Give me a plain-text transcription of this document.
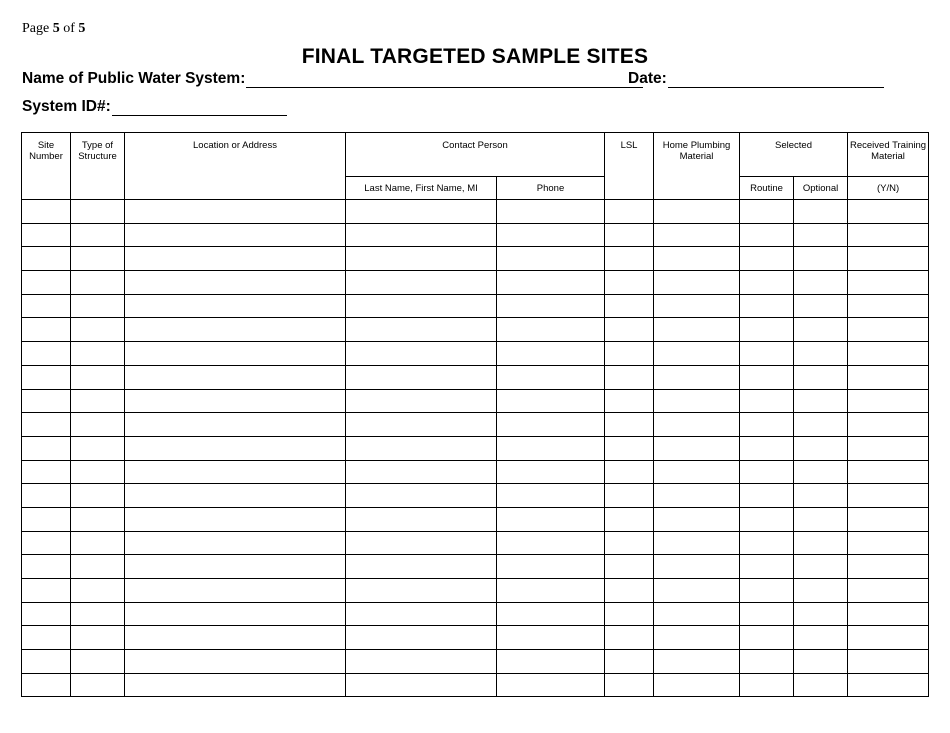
Page 5 of 5
FINAL TARGETED SAMPLE SITES
Name of Public Water System:	Date:
System ID#:
Site Number	Type of Structure	Location or Address	Contact Person		LSL	Home Plumbing Material	Selected		Received Training Material
			Last Name, First Name, MI	Phone			Routine	Optional	(Y/N)
